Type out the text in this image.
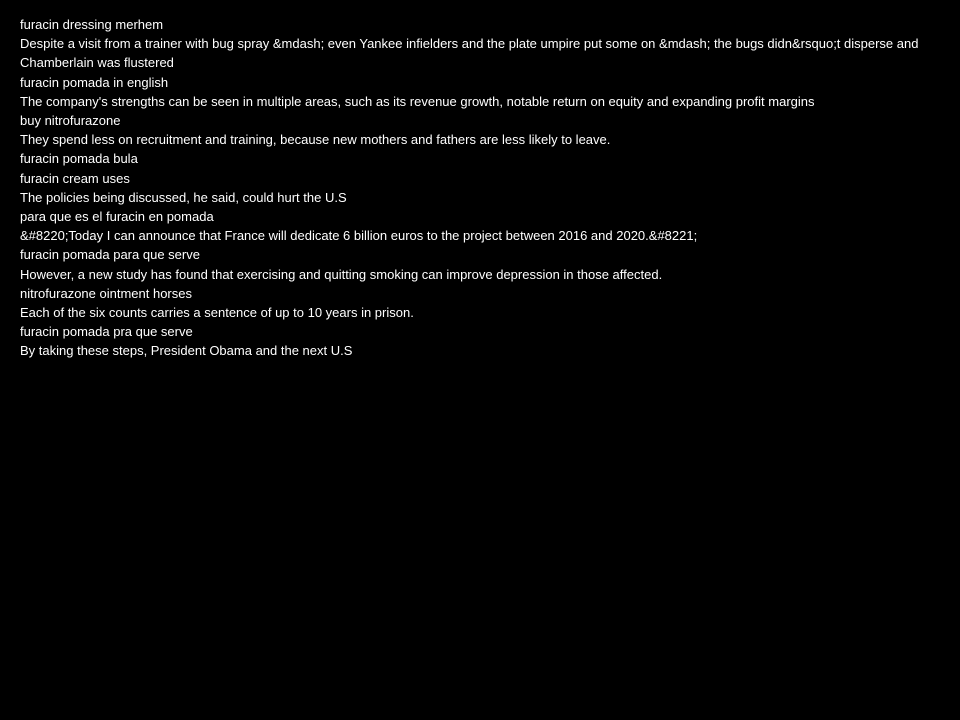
furacin dressing merhem

Despite a visit from a trainer with bug spray &mdash; even Yankee infielders and the plate umpire put some on &mdash; the bugs didn&rsquo;t disperse and Chamberlain was flustered

furacin pomada in english

The company's strengths can be seen in multiple areas, such as its revenue growth, notable return on equity and expanding profit margins

buy nitrofurazone

They spend less on recruitment and training, because new mothers and fathers are less likely to leave.

furacin pomada bula

furacin cream uses

The policies being discussed, he said, could hurt the U.S

para que es el furacin en pomada

&#8220;Today I can announce that France will dedicate 6 billion euros to the project between 2016 and 2020.&#8221;

furacin pomada para que serve

However, a new study has found that exercising and quitting smoking can improve depression in those affected.

nitrofurazone ointment horses

Each of the six counts carries a sentence of up to 10 years in prison.

furacin pomada pra que serve

By taking these steps, President Obama and the next U.S
